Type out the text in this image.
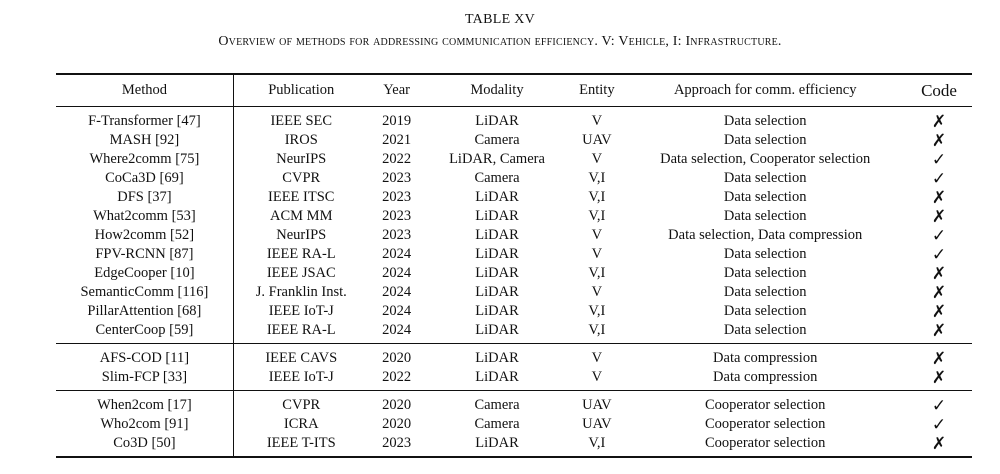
TABLE XV
Overview of methods for addressing communication efficiency. V: Vehicle, I: Infrastructure.
Method	Publication	Year	Modality	Entity	Approach for comm. efficiency	Code
F-Transformer [47]	IEEE SEC	2019	LiDAR	V	Data selection	✗
MASH [92]	IROS	2021	Camera	UAV	Data selection	✗
Where2comm [75]	NeurIPS	2022	LiDAR, Camera	V	Data selection, Cooperator selection	✓
CoCa3D [69]	CVPR	2023	Camera	V,I	Data selection	✓
DFS [37]	IEEE ITSC	2023	LiDAR	V,I	Data selection	✗
What2comm [53]	ACM MM	2023	LiDAR	V,I	Data selection	✗
How2comm [52]	NeurIPS	2023	LiDAR	V	Data selection, Data compression	✓
FPV-RCNN [87]	IEEE RA-L	2024	LiDAR	V	Data selection	✓
EdgeCooper [10]	IEEE JSAC	2024	LiDAR	V,I	Data selection	✗
SemanticComm [116]	J. Franklin Inst.	2024	LiDAR	V	Data selection	✗
PillarAttention [68]	IEEE IoT-J	2024	LiDAR	V,I	Data selection	✗
CenterCoop [59]	IEEE RA-L	2024	LiDAR	V,I	Data selection	✗
AFS-COD [11]	IEEE CAVS	2020	LiDAR	V	Data compression	✗
Slim-FCP [33]	IEEE IoT-J	2022	LiDAR	V	Data compression	✗
When2com [17]	CVPR	2020	Camera	UAV	Cooperator selection	✓
Who2com [91]	ICRA	2020	Camera	UAV	Cooperator selection	✓
Co3D [50]	IEEE T-ITS	2023	LiDAR	V,I	Cooperator selection	✗
